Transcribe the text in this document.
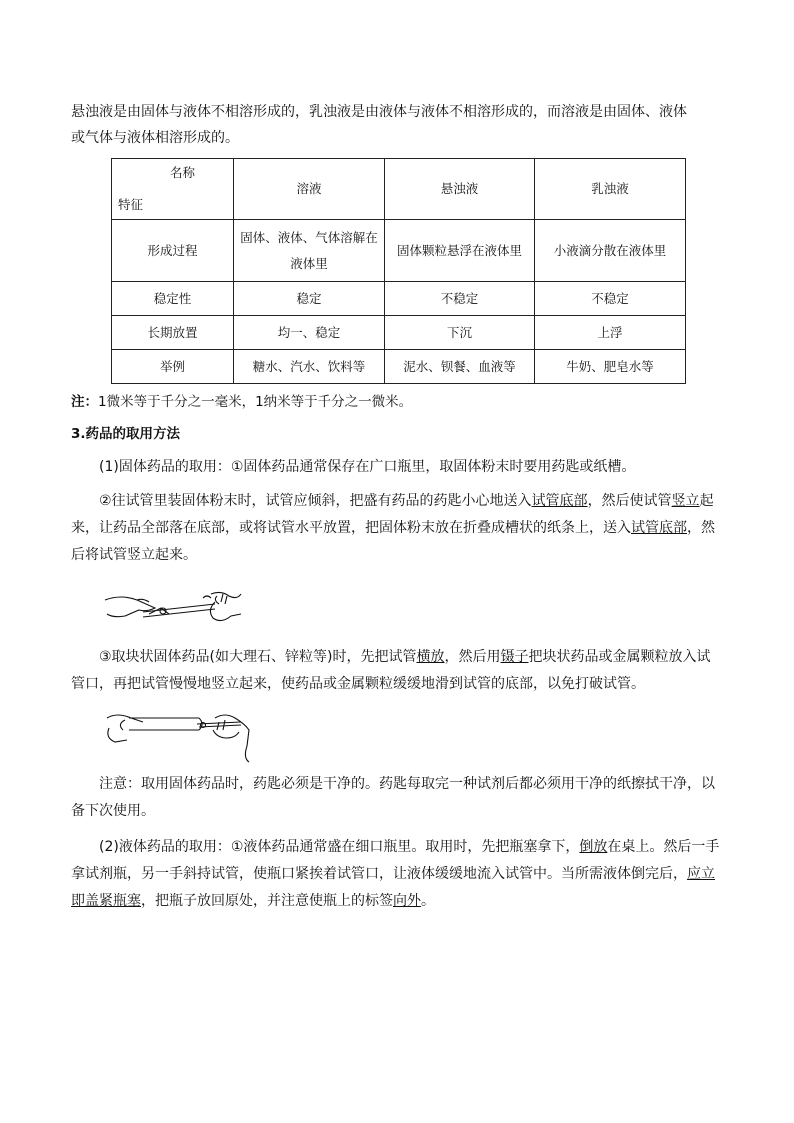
悬浊液是由固体与液体不相溶形成的，乳浊液是由液体与液体不相溶形成的，而溶液是由固体、液体
或气体与液体相溶形成的。
名称
特征	溶液	悬浊液	乳浊液
形成过程	固体、液体、气体溶解在液体里	固体颗粒悬浮在液体里	小液滴分散在液体里
稳定性	稳定	不稳定	不稳定
长期放置	均一、稳定	下沉	上浮
举例	糖水、汽水、饮料等	泥水、钡餐、血液等	牛奶、肥皂水等
注：1微米等于千分之一毫米，1纳米等于千分之一微米。
3.药品的取用方法
(1)固体药品的取用：①固体药品通常保存在广口瓶里，取固体粉末时要用药匙或纸槽。
②往试管里装固体粉末时，试管应倾斜，把盛有药品的药匙小心地送入试管底部，然后使试管竖立起来，让药品全部落在底部，或将试管水平放置，把固体粉末放在折叠成槽状的纸条上，送入试管底部，然后将试管竖立起来。
③取块状固体药品(如大理石、锌粒等)时，先把试管横放，然后用镊子把块状药品或金属颗粒放入试管口，再把试管慢慢地竖立起来，使药品或金属颗粒缓缓地滑到试管的底部，以免打破试管。
注意：取用固体药品时，药匙必须是干净的。药匙每取完一种试剂后都必须用干净的纸擦拭干净，以备下次使用。
(2)液体药品的取用：①液体药品通常盛在细口瓶里。取用时，先把瓶塞拿下，倒放在桌上。然后一手拿试剂瓶，另一手斜持试管，使瓶口紧挨着试管口，让液体缓缓地流入试管中。当所需液体倒完后，应立即盖紧瓶塞，把瓶子放回原处，并注意使瓶上的标签向外。
